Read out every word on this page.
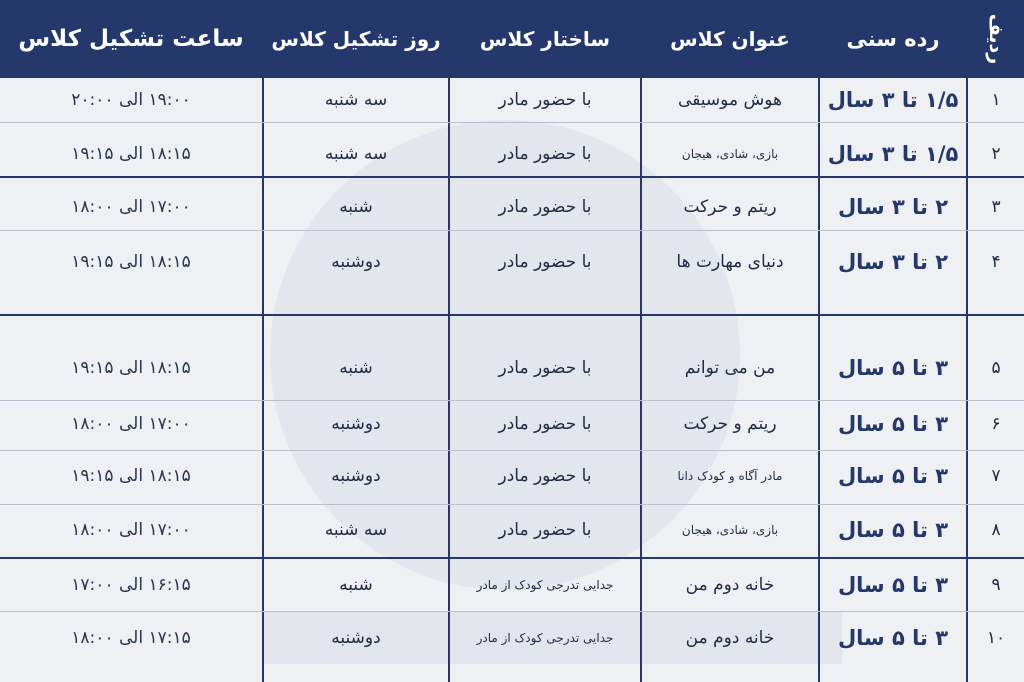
ساعت تشکیل کلاس	روز تشکیل کلاس	ساختار کلاس	عنوان کلاس	رده سنی	ردیف
۱۹:۰۰ الی ۲۰:۰۰	سه شنبه	با حضور مادر	هوش موسیقی	۱/۵ تا ۳ سال	۱
۱۸:۱۵ الی ۱۹:۱۵	سه شنبه	با حضور مادر	بازی، شادی، هیجان	۱/۵ تا ۳ سال	۲
۱۷:۰۰ الی ۱۸:۰۰	شنبه	با حضور مادر	ریتم و حرکت	۲ تا ۳ سال	۳
۱۸:۱۵ الی ۱۹:۱۵	دوشنبه	با حضور مادر	دنیای مهارت ها	۲ تا ۳ سال	۴
۱۸:۱۵ الی ۱۹:۱۵	شنبه	با حضور مادر	من می توانم	۳ تا ۵ سال	۵
۱۷:۰۰ الی ۱۸:۰۰	دوشنبه	با حضور مادر	ریتم و حرکت	۳ تا ۵ سال	۶
۱۸:۱۵ الی ۱۹:۱۵	دوشنبه	با حضور مادر	مادر آگاه و کودک دانا	۳ تا ۵ سال	۷
۱۷:۰۰ الی ۱۸:۰۰	سه شنبه	با حضور مادر	بازی، شادی، هیجان	۳ تا ۵ سال	۸
۱۶:۱۵ الی ۱۷:۰۰	شنبه	جدایی تدرجی کودک از مادر	خانه دوم من	۳ تا ۵ سال	۹
۱۷:۱۵ الی ۱۸:۰۰	دوشنبه	جدایی تدرجی کودک از مادر	خانه دوم من	۳ تا ۵ سال	۱۰
